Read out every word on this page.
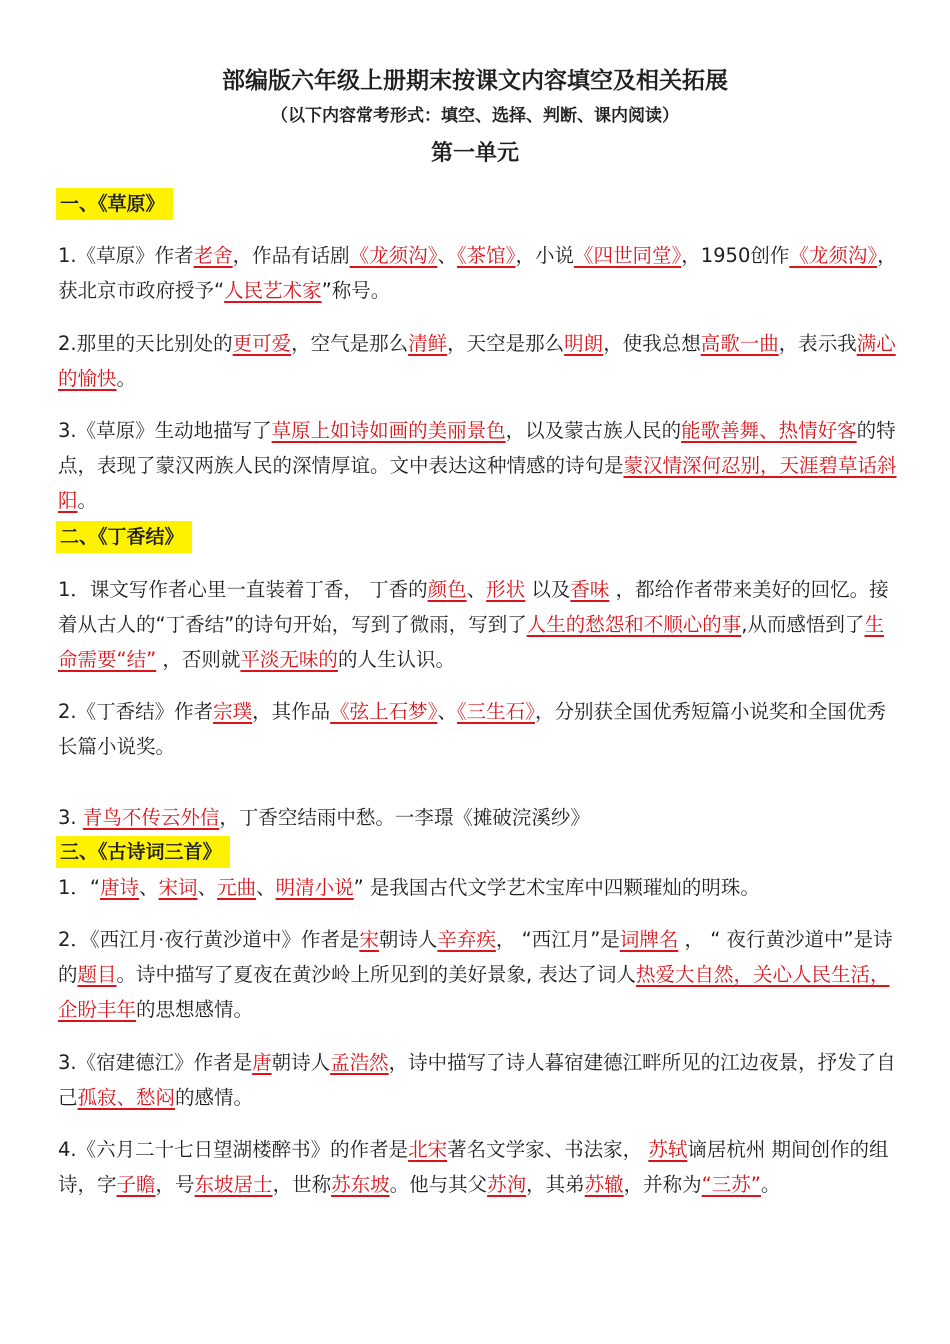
部编版六年级上册期末按课文内容填空及相关拓展
（以下内容常考形式：填空、选择、判断、课内阅读）
第一单元
一、《草原》

1.《草原》作者老舍，作品有话剧《龙须沟》、《茶馆》，小说《四世同堂》，1950创作《龙须沟》，获北京市政府授予“人民艺术家”称号。

2.那里的天比别处的更可爱，空气是那么清鲜，天空是那么明朗，使我总想高歌一曲，表示我满心的愉快。

3.《草原》生动地描写了草原上如诗如画的美丽景色，以及蒙古族人民的能歌善舞、热情好客的特点，表现了蒙汉两族人民的深情厚谊。文中表达这种情感的诗句是蒙汉情深何忍别，天涯碧草话斜阳。

二、《丁香结》

1．课文写作者心里一直装着丁香， 丁香的颜色、形状 以及香味 ，都给作者带来美好的回忆。接着从古人的“丁香结”的诗句开始，写到了微雨，写到了人生的愁怨和不顺心的事,从而感悟到了生命需要“结” ，否则就平淡无味的的人生认识。

2.《丁香结》作者宗璞，其作品《弦上石梦》、《三生石》，分别获全国优秀短篇小说奖和全国优秀长篇小说奖。

3. 青鸟不传云外信，丁香空结雨中愁。一李璟《摊破浣溪纱》

三、《古诗词三首》

1．“唐诗、宋词、元曲、明清小说” 是我国古代文学艺术宝库中四颗璀灿的明珠。

2．《西江月·夜行黄沙道中》作者是宋朝诗人辛弃疾， “西江月”是词牌名 ， “ 夜行黄沙道中”是诗的题目。诗中描写了夏夜在黄沙岭上所见到的美好景象, 表达了词人热爱大自然，关心人民生活，企盼丰年的思想感情。

3.《宿建德江》作者是唐朝诗人孟浩然，诗中描写了诗人暮宿建德江畔所见的江边夜景，抒发了自己孤寂、愁闷的感情。

4.《六月二十七日望湖楼醉书》的作者是北宋著名文学家、书法家， 苏轼谪居杭州 期间创作的组诗，字子瞻，号东坡居士，世称苏东坡。他与其父苏洵，其弟苏辙，并称为“三苏”。
